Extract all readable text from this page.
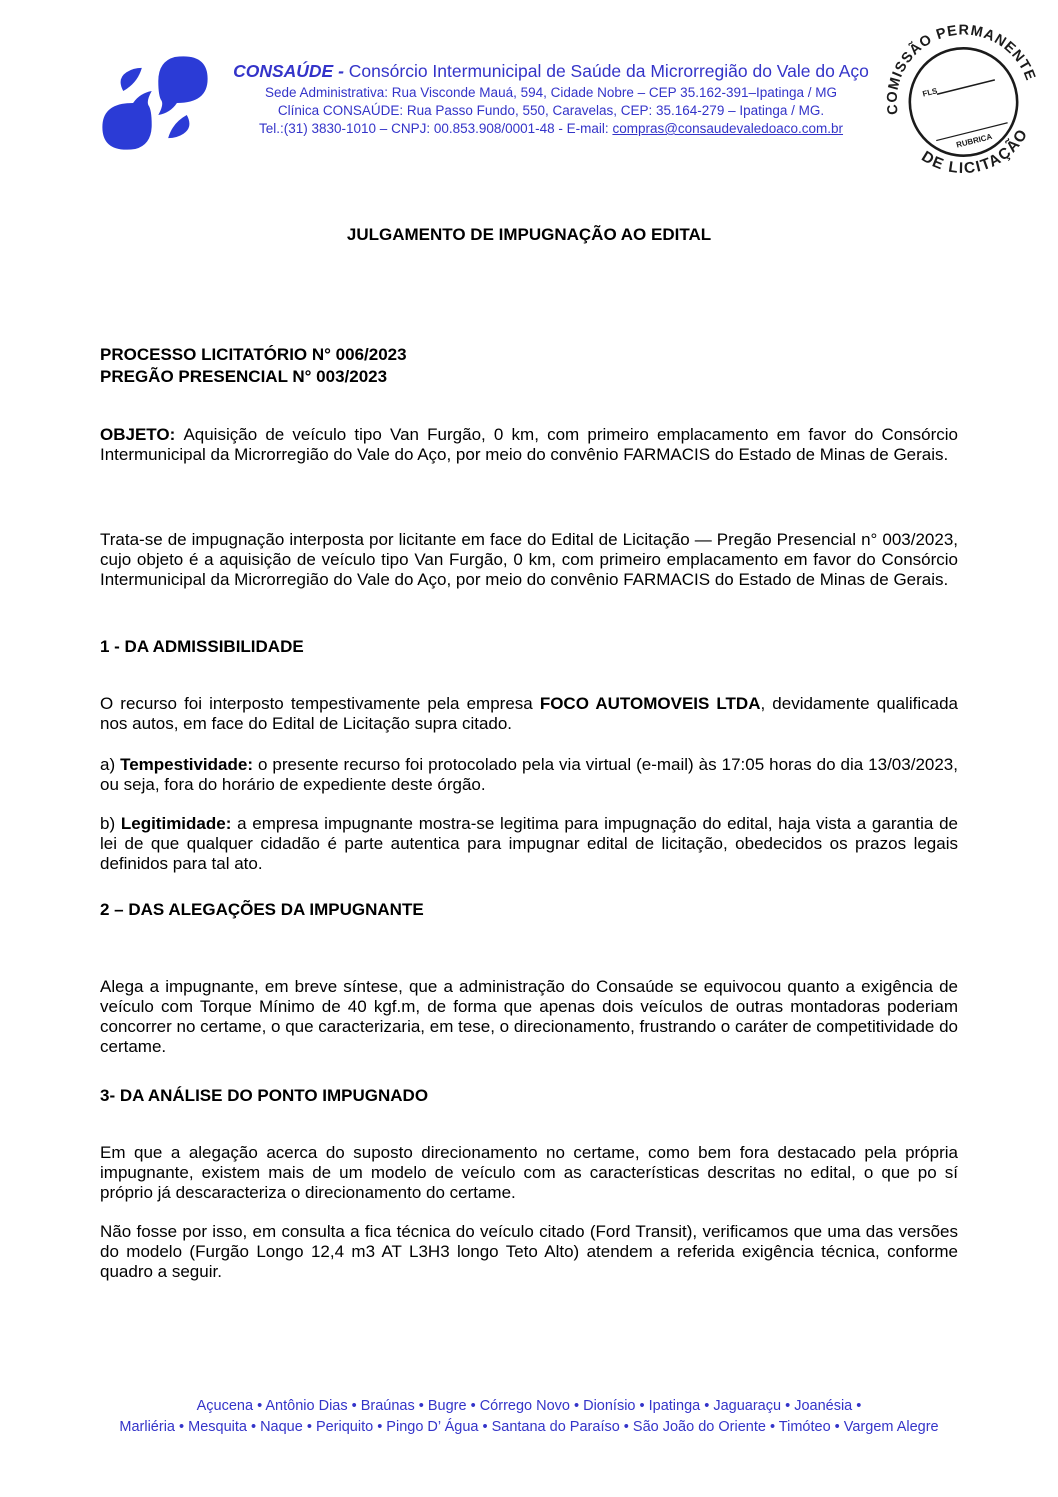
CONSAÚDE - Consórcio Intermunicipal de Saúde da Microrregião do Vale do Aço
Sede Administrativa: Rua Visconde Mauá, 594, Cidade Nobre – CEP 35.162-391–Ipatinga / MG
Clínica CONSAÚDE: Rua Passo Fundo, 550, Caravelas, CEP: 35.164-279 – Ipatinga / MG.
Tel.:(31) 3830-1010 – CNPJ: 00.853.908/0001-48 - E-mail: compras@consaudevaledoaco.com.br
COMISSÃO PERMANENTE
DE LICITAÇÃO
FLS
RUBRICA
JULGAMENTO DE IMPUGNAÇÃO AO EDITAL
PROCESSO LICITATÓRIO N° 006/2023
PREGÃO PRESENCIAL N° 003/2023

OBJETO: Aquisição de veículo tipo Van Furgão, 0 km, com primeiro emplacamento em favor do Consórcio Intermunicipal da Microrregião do Vale do Aço, por meio do convênio FARMACIS do Estado de Minas de Gerais.

Trata-se de impugnação interposta por licitante em face do Edital de Licitação — Pregão Presencial n° 003/2023, cujo objeto é a aquisição de veículo tipo Van Furgão, 0 km, com primeiro emplacamento em favor do Consórcio Intermunicipal da Microrregião do Vale do Aço, por meio do convênio FARMACIS do Estado de Minas de Gerais.

1 - DA ADMISSIBILIDADE

O recurso foi interposto tempestivamente pela empresa FOCO AUTOMOVEIS LTDA, devidamente qualificada nos autos, em face do Edital de Licitação supra citado.

a) Tempestividade: o presente recurso foi protocolado pela via virtual (e-mail) às 17:05 horas do dia 13/03/2023, ou seja, fora do horário de expediente deste órgão.

b) Legitimidade: a empresa impugnante mostra-se legitima para impugnação do edital, haja vista a garantia de lei de que qualquer cidadão é parte autentica para impugnar edital de licitação, obedecidos os prazos legais definidos para tal ato.

2 – DAS ALEGAÇÕES DA IMPUGNANTE

Alega a impugnante, em breve síntese, que a administração do Consaúde se equivocou quanto a exigência de veículo com Torque Mínimo de 40 kgf.m, de forma que apenas dois veículos de outras montadoras poderiam concorrer no certame, o que caracterizaria, em tese, o direcionamento, frustrando o caráter de competitividade do certame.

3- DA ANÁLISE DO PONTO IMPUGNADO

Em que a alegação acerca do suposto direcionamento no certame, como bem fora destacado pela própria impugnante, existem mais de um modelo de veículo com as características descritas no edital, o que po sí próprio já descaracteriza o direcionamento do certame.

Não fosse por isso, em consulta a fica técnica do veículo citado (Ford Transit), verificamos que uma das versões do modelo (Furgão Longo 12,4 m3 AT L3H3 longo Teto Alto) atendem a referida exigência técnica, conforme quadro a seguir.

Açucena • Antônio Dias • Braúnas • Bugre • Córrego Novo • Dionísio • Ipatinga • Jaguaraçu • Joanésia •
Marliéria • Mesquita • Naque • Periquito • Pingo D’ Água • Santana do Paraíso • São João do Oriente • Timóteo • Vargem Alegre
